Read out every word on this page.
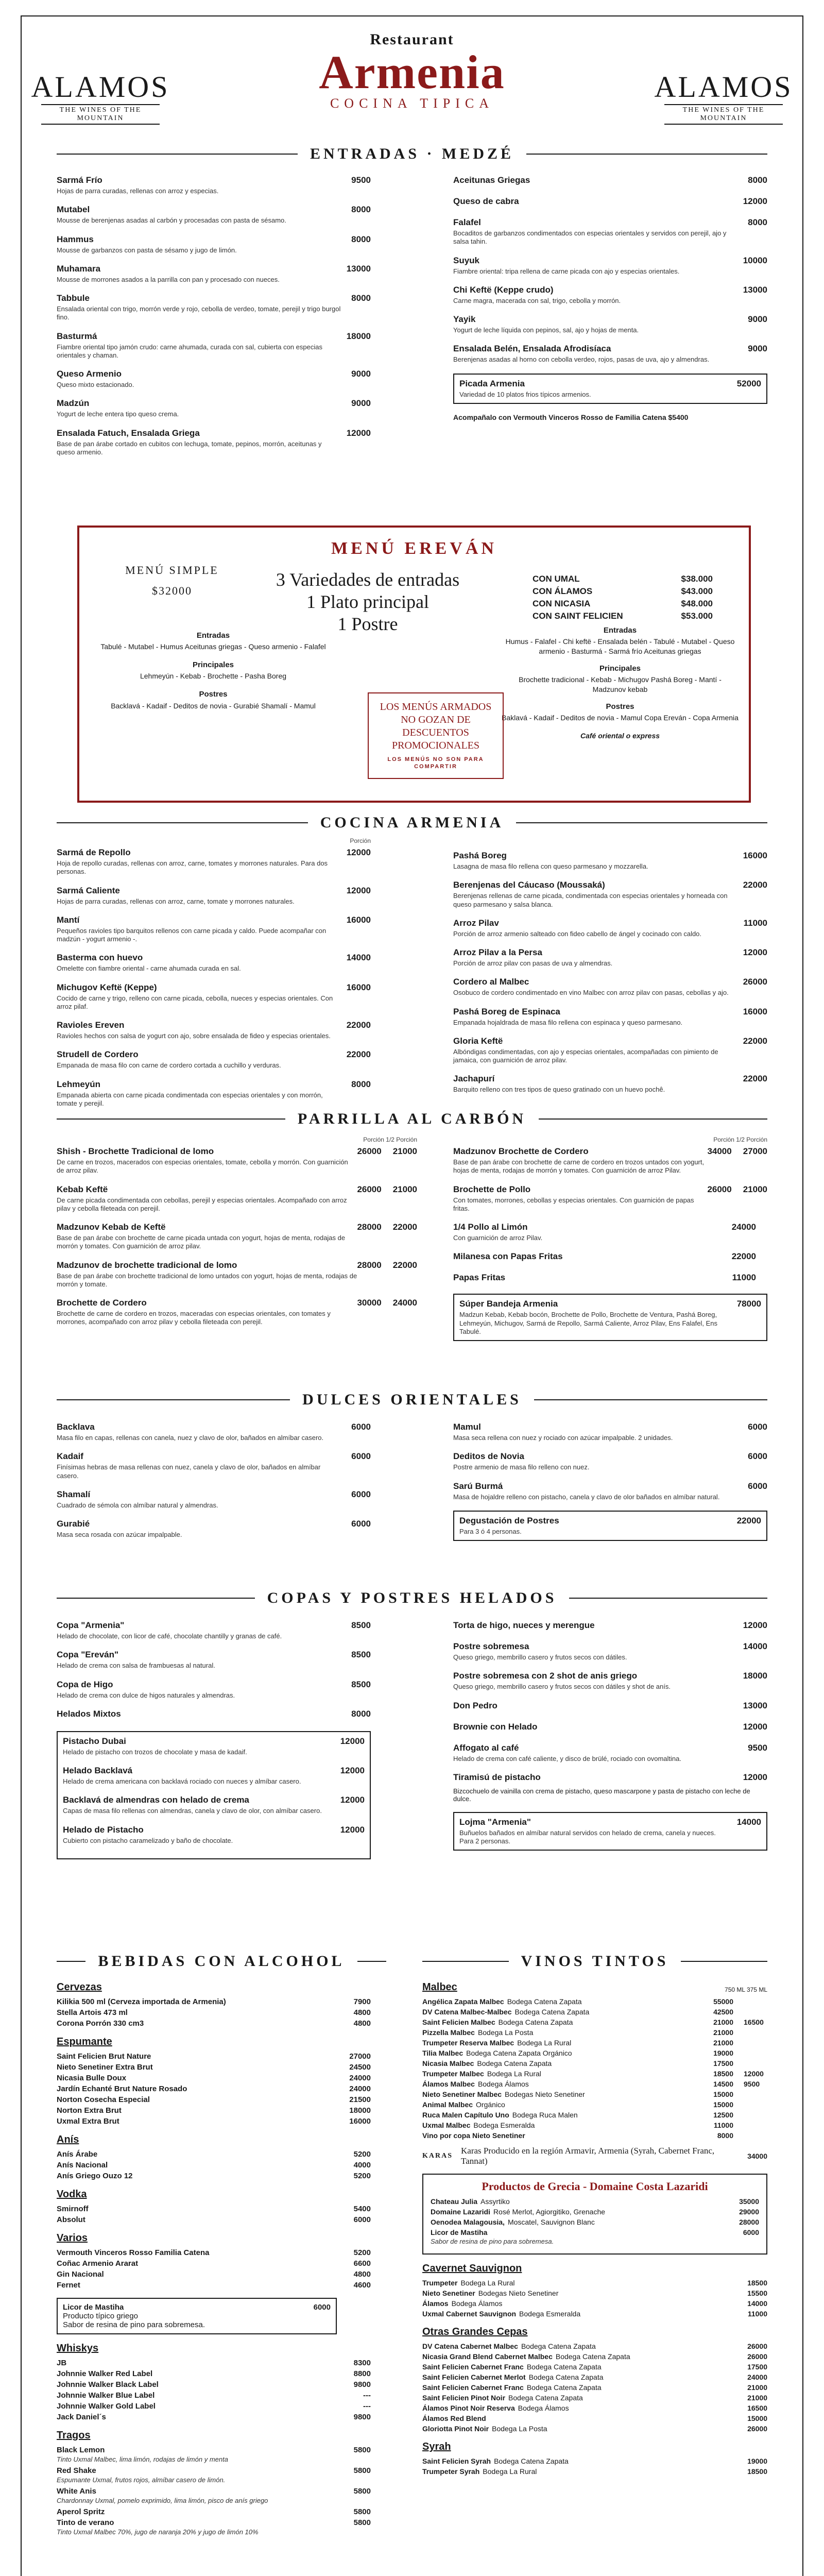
ALAMOS
THE WINES OF THE MOUNTAIN
ALAMOS
THE WINES OF THE MOUNTAIN
Restaurant
Armenia
COCINA TIPICA
ENTRADAS · MEDZÉ
Sarmá Frío
Hojas de parra curadas, rellenas con arroz y especias.
9500
Mutabel
Mousse de berenjenas asadas al carbón y procesadas con pasta de sésamo.
8000
Hammus
Mousse de garbanzos con pasta de sésamo y jugo de limón.
8000
Muhamara
Mousse de morrones asados a la parrilla con pan y procesado con nueces.
13000
Tabbule
Ensalada oriental con trigo, morrón verde y rojo, cebolla de verdeo, tomate, perejil y trigo burgol fino.
8000
Basturmá
Fiambre oriental tipo jamón crudo: carne ahumada, curada con sal, cubierta con especias orientales y chaman.
18000
Queso Armenio
Queso mixto estacionado.
9000
Madzún
Yogurt de leche entera tipo queso crema.
9000
Ensalada Fatuch, Ensalada Griega
Base de pan árabe cortado en cubitos con lechuga, tomate, pepinos, morrón, aceitunas y queso armenio.
12000
Aceitunas Griegas	8000
Queso de cabra	12000
Falafel
Bocaditos de garbanzos condimentados con especias orientales y servidos con perejil, ajo y salsa tahin.
8000
Suyuk
Fiambre oriental: tripa rellena de carne picada con ajo y especias orientales.
10000
Chi Keftë (Keppe crudo)
Carne magra, macerada con sal, trigo, cebolla y morrón.
13000
Yayik
Yogurt de leche líquida con pepinos, sal, ajo y hojas de menta.
9000
Ensalada Belén, Ensalada Afrodisíaca
Berenjenas asadas al horno con cebolla verdeo, rojos, pasas de uva, ajo y almendras.
9000
Picada Armenia
Variedad de 10 platos frios típicos armenios.
52000
Acompañalo con Vermouth Vinceros Rosso de Familia Catena $5400
MENÚ EREVÁN
MENÚ SIMPLE
$32000
3 Variedades de entradas
1 Plato principal
1 Postre
Entradas
Tabulé - Mutabel - Humus Aceitunas griegas - Queso armenio - Falafel
Principales
Lehmeyún - Kebab - Brochette - Pasha Boreg
Postres
Backlavá - Kadaif - Deditos de novia - Gurabié Shamalí - Mamul
CON UMAL	$38.000
CON ÁLAMOS	$43.000
CON NICASIA	$48.000
CON SAINT FELICIEN	$53.000
Entradas
Humus - Falafel - Chi keftë - Ensalada belén - Tabulé - Mutabel - Queso armenio - Basturmá - Sarmá frío Aceitunas griegas
Principales
Brochette tradicional - Kebab - Michugov Pashá Boreg - Mantí - Madzunov kebab
Postres
Baklavá - Kadaif - Deditos de novia - Mamul Copa Ereván - Copa Armenia
Café oriental o express
LOS MENÚS ARMADOS NO GOZAN DE DESCUENTOS PROMOCIONALES
LOS MENÚS NO SON PARA COMPARTIR
COCINA ARMENIA
Porción
Sarmá de Repollo
Hoja de repollo curadas, rellenas con arroz, carne, tomates y morrones naturales. Para dos personas.
12000
Sarmá Caliente
Hojas de parra curadas, rellenas con arroz, carne, tomate y morrones naturales.
12000
Mantí
Pequeños ravioles tipo barquitos rellenos con carne picada y caldo. Puede acompañar con madzún - yogurt armenio -.
16000
Basterma con huevo
Omelette con fiambre oriental - carne ahumada curada en sal.
14000
Michugov Keftë (Keppe)
Cocido de carne y trigo, relleno con carne picada, cebolla, nueces y especias orientales. Con arroz pilaf.
16000
Ravioles Ereven
Ravioles hechos con salsa de yogurt con ajo, sobre ensalada de fideo y especias orientales.
22000
Strudell de Cordero
Empanada de masa filo con carne de cordero cortada a cuchillo y verduras.
22000
Lehmeyún
Empanada abierta con carne picada condimentada con especias orientales y con morrón, tomate y perejil.
8000
Pashá Boreg
Lasagna de masa filo rellena con queso parmesano y mozzarella.
16000
Berenjenas del Cáucaso (Moussaká)
Berenjenas rellenas de carne picada, condimentada con especias orientales y horneada con queso parmesano y salsa blanca.
22000
Arroz Pilav
Porción de arroz armenio salteado con fideo cabello de ángel y cocinado con caldo.
11000
Arroz Pilav a la Persa
Porción de arroz pilav con pasas de uva y almendras.
12000
Cordero al Malbec
Osobuco de cordero condimentado en vino Malbec con arroz pilav con pasas, cebollas y ajo.
26000
Pashá Boreg de Espinaca
Empanada hojaldrada de masa filo rellena con espinaca y queso parmesano.
16000
Gloria Keftë
Albóndigas condimentadas, con ajo y especias orientales, acompañadas con pimiento de jamaica, con guarnición de arroz pilav.
22000
Jachapurí
Barquito relleno con tres tipos de queso gratinado con un huevo pochê.
22000
PARRILLA AL CARBÓN
Porción 1/2 Porción
Shish - Brochette Tradicional de lomo
De carne en trozos, macerados con especias orientales, tomate, cebolla y morrón. Con guarnición de arroz pilav.
26000 21000
Kebab Keftë
De carne picada condimentada con cebollas, perejil y especias orientales. Acompañado con arroz pilav y cebolla fileteada con perejil.
26000 21000
Madzunov Kebab de Keftë
Base de pan árabe con brochette de carne picada untada con yogurt, hojas de menta, rodajas de morrón y tomates. Con guarnición de arroz pilav.
28000 22000
Madzunov de brochette tradicional de lomo
Base de pan árabe con brochette tradicional de lomo untados con yogurt, hojas de menta, rodajas de morrón y tomate.
28000 22000
Brochette de Cordero
Brochette de carne de cordero en trozos, maceradas con especias orientales, con tomates y morrones, acompañado con arroz pilav y cebolla fileteada con perejil.
30000 24000
Porción 1/2 Porción
Madzunov Brochette de Cordero
Base de pan árabe con brochette de carne de cordero en trozos untados con yogurt, hojas de menta, rodajas de morrón y tomates. Con guarnición de arroz Pilav.
34000 27000
Brochette de Pollo
Con tomates, morrones, cebollas y especias orientales. Con guarnición de papas fritas.
26000 21000
1/4 Pollo al Limón
Con guarnición de arroz Pilav.
24000
Milanesa con Papas Fritas	22000
Papas Fritas	11000
Súper Bandeja Armenia
Madzun Kebab, Kebab bocón, Brochette de Pollo, Brochette de Ventura, Pashá Boreg, Lehmeyún, Michugov, Sarmá de Repollo, Sarmá Caliente, Arroz Pilav, Ens Falafel, Ens Tabulé.
78000
DULCES ORIENTALES
Backlava
Masa filo en capas, rellenas con canela, nuez y clavo de olor, bañados en almíbar casero.
6000
Kadaif
Finísimas hebras de masa rellenas con nuez, canela y clavo de olor, bañados en almíbar casero.
6000
Shamalí
Cuadrado de sémola con almíbar natural y almendras.
6000
Gurabié
Masa seca rosada con azúcar impalpable.
6000
Mamul
Masa seca rellena con nuez y rociado con azúcar impalpable. 2 unidades.
6000
Deditos de Novia
Postre armenio de masa filo relleno con nuez.
6000
Sarú Burmá
Masa de hojaldre relleno con pistacho, canela y clavo de olor bañados en almíbar natural.
6000
Degustación de Postres
Para 3 ó 4 personas.
22000
COPAS Y POSTRES HELADOS
Copa "Armenia"
Helado de chocolate, con licor de café, chocolate chantilly y granas de café.
8500
Copa "Ereván"
Helado de crema con salsa de frambuesas al natural.
8500
Copa de Higo
Helado de crema con dulce de higos naturales y almendras.
8500
Helados Mixtos	8000
Pistacho Dubai
Helado de pistacho con trozos de chocolate y masa de kadaif.
12000
Helado Backlavá
Helado de crema americana con backlavá rociado con nueces y almíbar casero.
12000
Backlavá de almendras con helado de crema
Capas de masa filo rellenas con almendras, canela y clavo de olor, con almíbar casero.
12000
Helado de Pistacho
Cubierto con pistacho caramelizado y baño de chocolate.
12000
Torta de higo, nueces y merengue	12000
Postre sobremesa
Queso griego, membrillo casero y frutos secos con dátiles.
14000
Postre sobremesa con 2 shot de anis griego
Queso griego, membrillo casero y frutos secos con dátiles y shot de anís.
18000
Don Pedro	13000
Brownie con Helado	12000
Affogato al café
Helado de crema con café caliente, y disco de brülé, rociado con ovomaltina.
9500
Tiramisú de pistacho	12000
Bizcochuelo de vainilla con crema de pistacho, queso mascarpone y pasta de pistacho con leche de dulce.
Lojma "Armenia"
Buñuelos bañados en almíbar natural servidos con helado de crema, canela y nueces. Para 2 personas.
14000
BEBIDAS CON ALCOHOL
Cervezas
Kilikia 500 ml (Cerveza importada de Armenia)	7900
Stella Artois 473 ml	4800
Corona Porrón 330 cm3	4800
Espumante
Saint Felicien Brut Nature	27000
Nieto Senetiner Extra Brut	24500
Nicasia Bulle Doux	24000
Jardín Echanté Brut Nature Rosado	24000
Norton Cosecha Especial	21500
Norton Extra Brut	18000
Uxmal Extra Brut	16000
Anís
Anís Árabe	5200
Anís Nacional	4000
Anís Griego Ouzo 12	5200
Vodka
Smirnoff	5400
Absolut	6000
Varios
Vermouth Vinceros Rosso Familia Catena	5200
Coñac Armenio Ararat	6600
Gin Nacional	4800
Fernet	4600
Licor de Mastiha
Producto típico griego
Sabor de resina de pino para sobremesa.
6000
Whiskys
JB	8300
Johnnie Walker Red Label	8800
Johnnie Walker Black Label	9800
Johnnie Walker Blue Label	---
Johnnie Walker Gold Label	---
Jack Daniel´s	9800
Tragos
Black Lemon	5800
Tinto Uxmal Malbec, lima limón, rodajas de limón y menta
Red Shake	5800
Espumante Uxmal, frutos rojos, almíbar casero de limón.
White Anis	5800
Chardonnay Uxmal, pomelo exprimido, lima limón, pisco de anís griego
Aperol Spritz	5800
Tinto de verano	5800
Tinto Uxmal Malbec 70%, jugo de naranja 20% y jugo de limón 10%
VINOS TINTOS
Malbec	750 ML 375 ML
Angélica Zapata Malbec Bodega Catena Zapata	55000
DV Catena Malbec-Malbec Bodega Catena Zapata	42500
Saint Felicien Malbec Bodega Catena Zapata	21000 16500
Pizzella Malbec Bodega La Posta	21000
Trumpeter Reserva Malbec Bodega La Rural	21000
Tilia Malbec Bodega Catena Zapata Orgánico	19000
Nicasia Malbec Bodega Catena Zapata	17500
Trumpeter Malbec Bodega La Rural	18500 12000
Álamos Malbec Bodega Álamos	14500 9500
Nieto Senetiner Malbec Bodegas Nieto Senetiner	15000
Animal Malbec Orgánico	15000
Ruca Malen Capítulo Uno Bodega Ruca Malen	12500
Uxmal Malbec Bodega Esmeralda	11000
Vino por copa Nieto Senetiner	8000
KARAS
Karas Producido en la región Armavir, Armenia (Syrah, Cabernet Franc, Tannat)	34000
Productos de Grecia - Domaine Costa Lazaridi
Chateau Julia Assyrtiko	35000
Domaine Lazaridi Rosé Merlot, Agiorgitiko, Grenache	29000
Oenodea Malagousia, Moscatel, Sauvignon Blanc	28000
Licor de Mastiha	6000
Sabor de resina de pino para sobremesa.
Cavernet Sauvignon
Trumpeter Bodega La Rural	18500
Nieto Senetiner Bodegas Nieto Senetiner	15500
Álamos Bodega Álamos	14000
Uxmal Cabernet Sauvignon Bodega Esmeralda	11000
Otras Grandes Cepas
DV Catena Cabernet Malbec Bodega Catena Zapata	26000
Nicasia Grand Blend Cabernet Malbec Bodega Catena Zapata	26000
Saint Felicien Cabernet Franc Bodega Catena Zapata	17500
Saint Felicien Cabernet Merlot Bodega Catena Zapata	24000
Saint Felicien Cabernet Franc Bodega Catena Zapata	21000
Saint Felicien Pinot Noir Bodega Catena Zapata	21000
Álamos Pinot Noir Reserva Bodega Álamos	16500
Álamos Red Blend	15000
Gloriotta Pinot Noir Bodega La Posta	26000
Syrah
Saint Felicien Syrah Bodega Catena Zapata	19000
Trumpeter Syrah Bodega La Rural	18500
